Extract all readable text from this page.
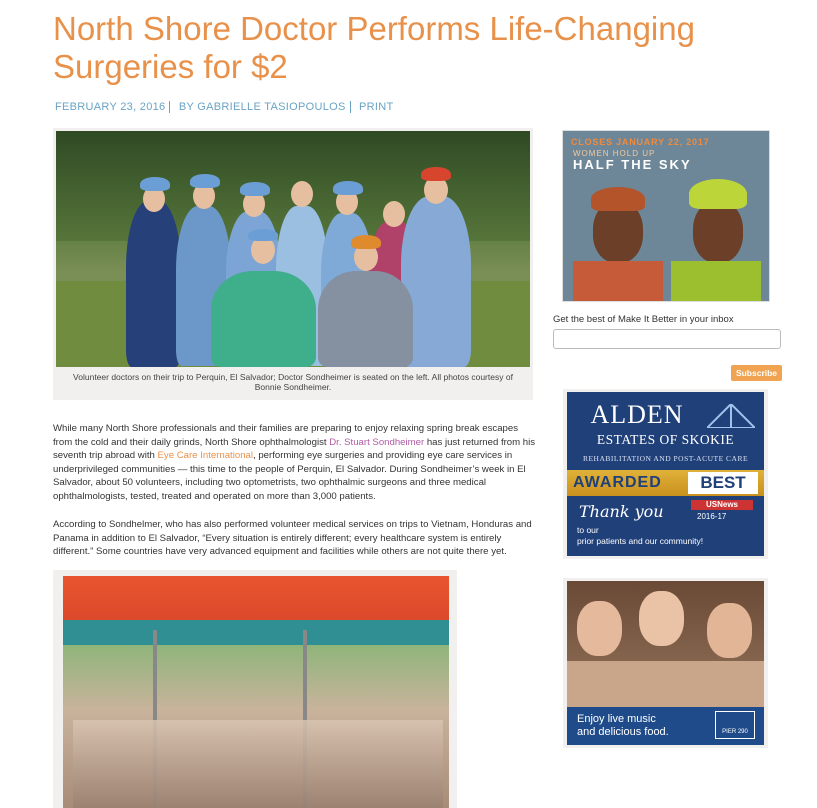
North Shore Doctor Performs Life-Changing Surgeries for $2
FEBRUARY 23, 2016 BY GABRIELLE TASIOPOULOS PRINT
Volunteer doctors on their trip to Perquin, El Salvador; Doctor Sondheimer is seated on the left. All photos courtesy of Bonnie Sondheimer.

While many North Shore professionals and their families are preparing to enjoy relaxing spring break escapes from the cold and their daily grinds, North Shore ophthalmologist Dr. Stuart Sondheimer has just returned from his seventh trip abroad with Eye Care International, performing eye surgeries and providing eye care services in underprivileged communities — this time to the people of Perquin, El Salvador. During Sondheimer’s week in El Salvador, about 50 volunteers, including two optometrists, two ophthalmic surgeons and three medical ophthalmologists, tested, treated and operated on more than 3,000 patients.

According to Sondhelmer, who has also performed volunteer medical services on trips to Vietnam, Honduras and Panama in addition to El Salvador, “Every situation is entirely different; every healthcare system is entirely different.” Some countries have very advanced equipment and facilities while others are not quite there yet.

CLOSES JANUARY 22, 2017
WOMEN HOLD UP
HALF THE SKY
Get the best of Make It Better in your inbox
Subscribe
ALDEN
ESTATES OF SKOKIE
REHABILITATION AND POST-ACUTE CARE
AWARDED	BEST
USNews
2016-17
Thank you
to our
prior patients and our community!
Enjoy live music
and delicious food.	PIER 290
